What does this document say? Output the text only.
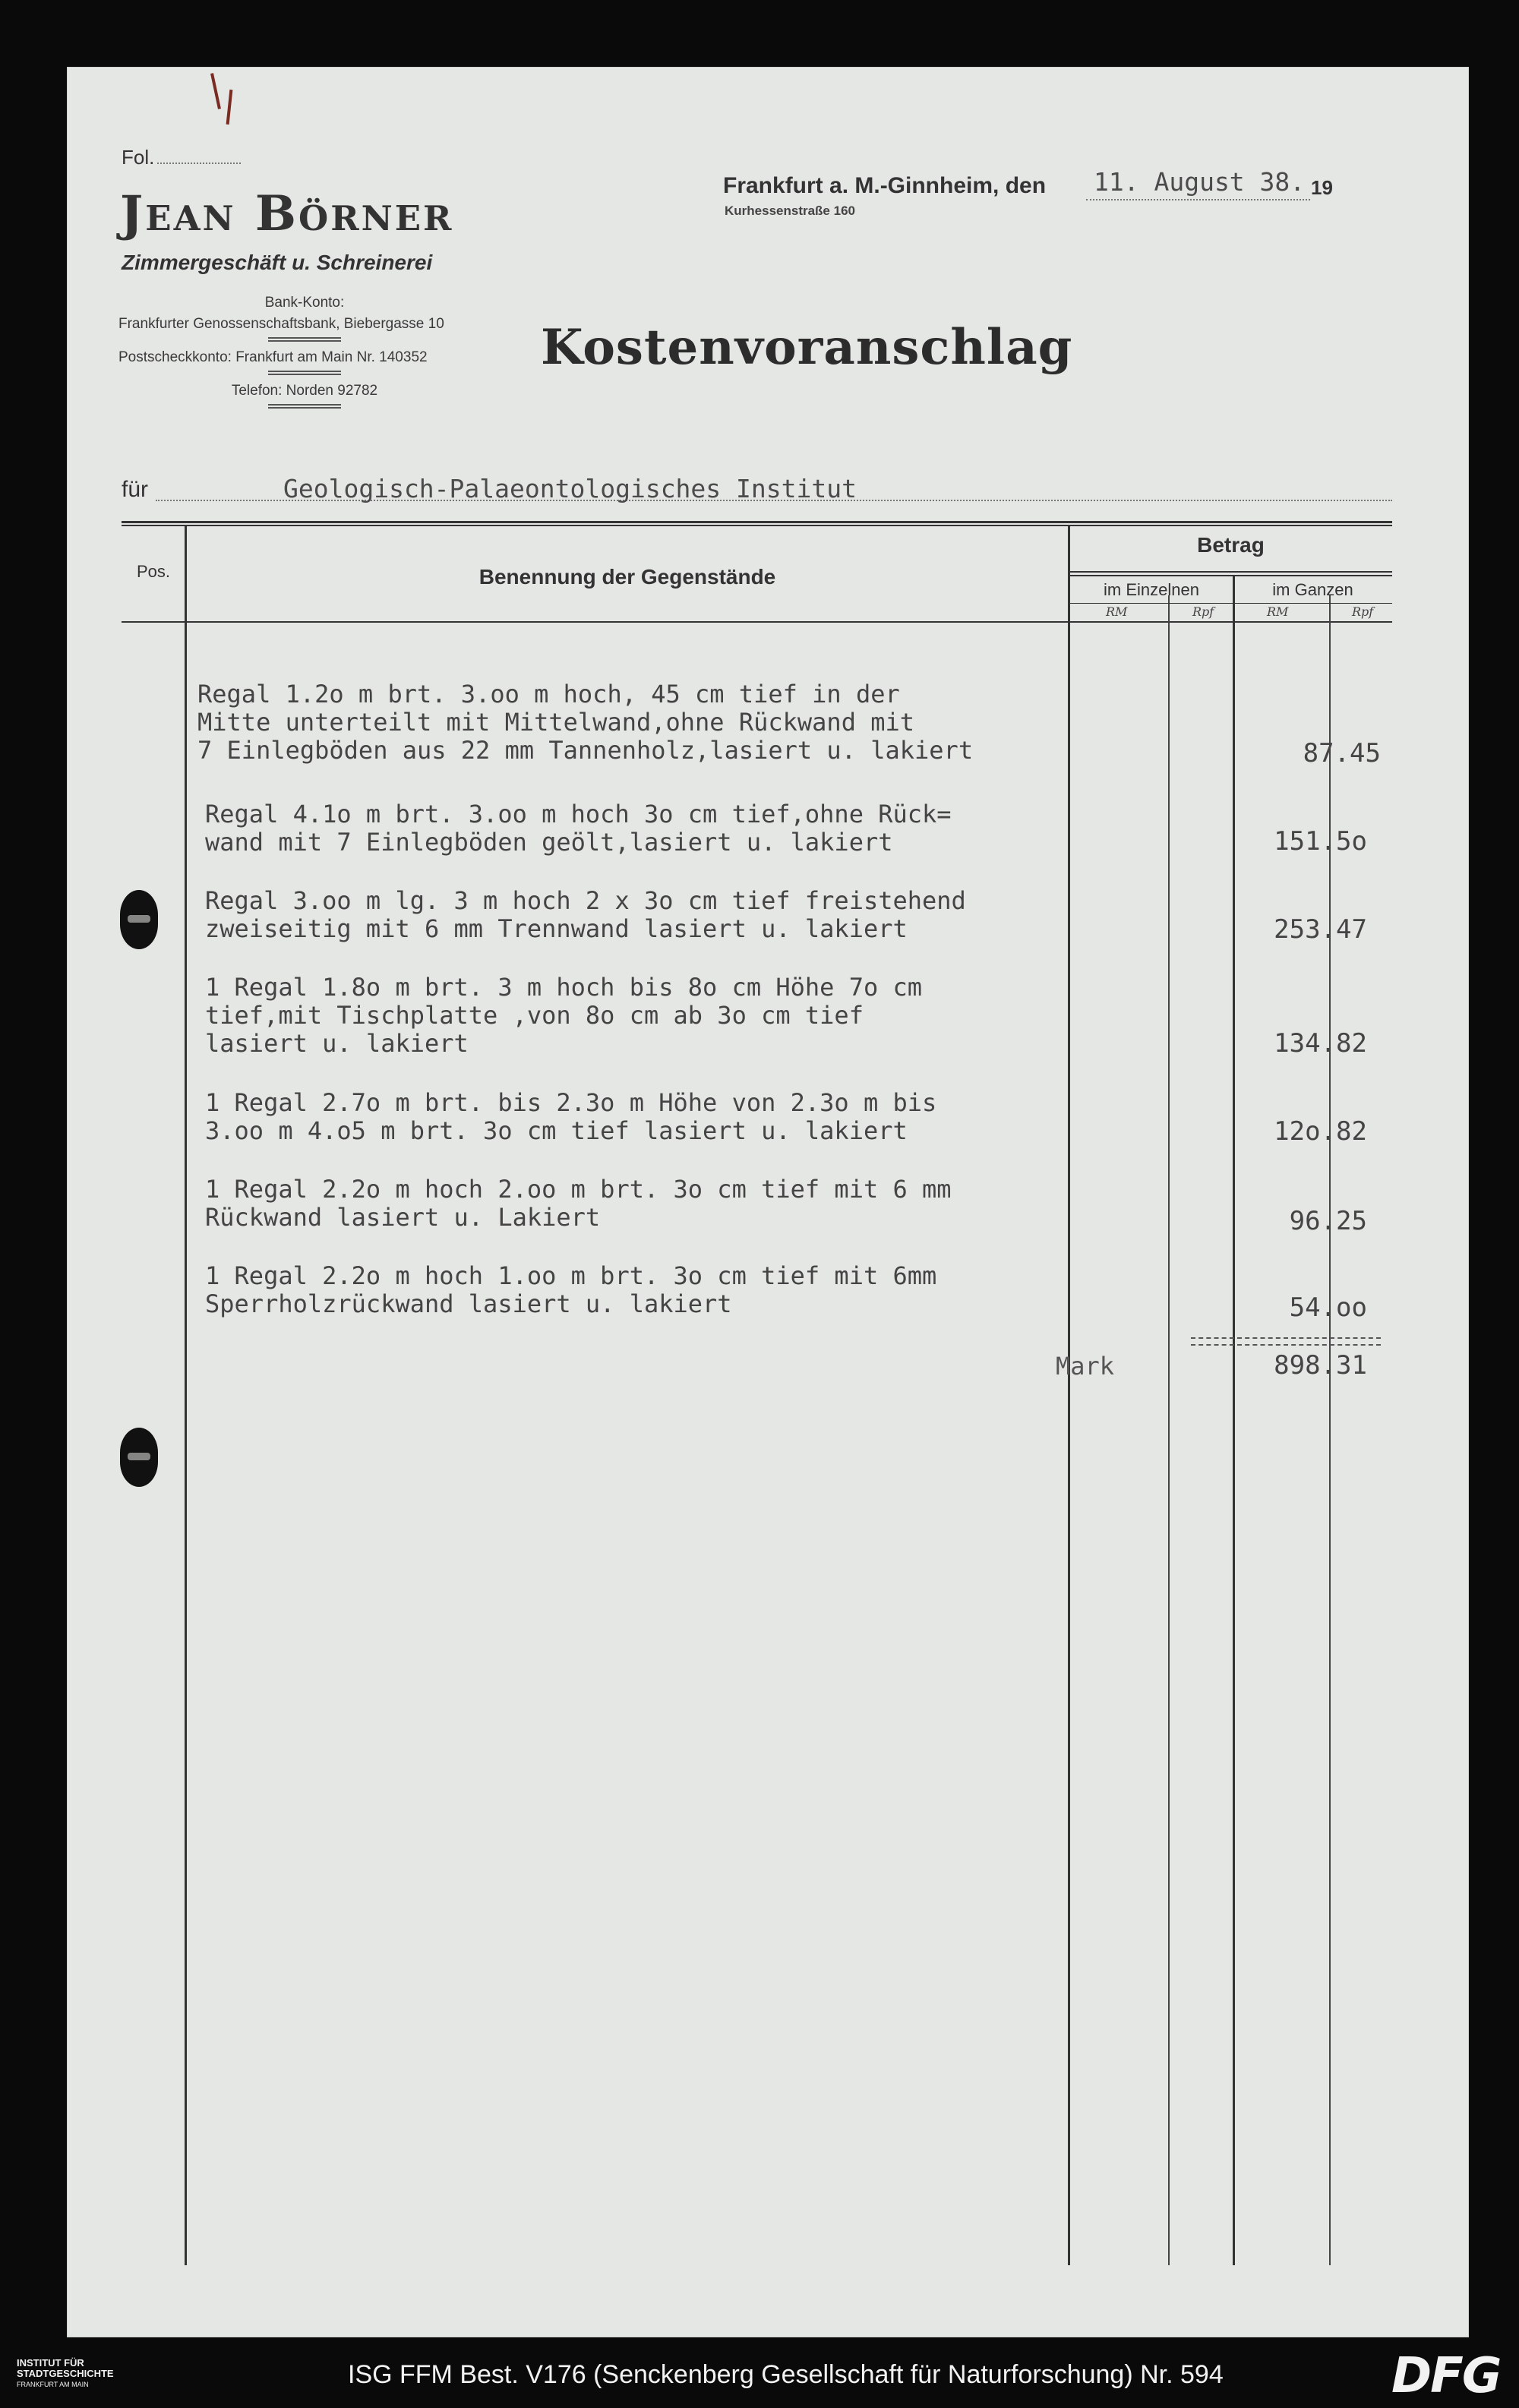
Fol.
Jean Börner
Zimmergeschäft u. Schreinerei
Bank-Konto:
Frankfurter Genossenschaftsbank, Biebergasse 10
Postscheckkonto: Frankfurt am Main Nr. 140352
Telefon: Norden 92782
Frankfurt a. M.-Ginnheim, den
Kurhessenstraße 160
11. August 38. 19
Kostenvoranschlag
für	Geologisch-Palaeontologisches Institut
Pos.	Benennung der Gegenstände
Betrag
im Einzelnen	im Ganzen
RM	Rpf	RM	Rpf
Regal 1.2o m brt. 3.oo m hoch, 45 cm tief in der
Mitte unterteilt mit Mittelwand,ohne Rückwand mit
7 Einlegböden aus 22 mm Tannenholz,lasiert u. lakiert	87.45
Regal 4.1o m brt. 3.oo m hoch 3o cm tief,ohne Rück=
wand mit 7 Einlegböden geölt,lasiert u. lakiert	151.5o
Regal 3.oo m lg. 3 m hoch 2 x 3o cm tief freistehend
zweiseitig mit 6 mm Trennwand lasiert u. lakiert	253.47
1 Regal 1.8o m brt. 3 m hoch bis 8o cm Höhe 7o cm
tief,mit Tischplatte ,von 8o cm ab 3o cm tief
lasiert u. lakiert	134.82
1 Regal 2.7o m brt. bis 2.3o m Höhe von 2.3o m bis
3.oo m 4.o5 m brt. 3o cm tief lasiert u. lakiert	12o.82
1 Regal 2.2o m hoch 2.oo m brt. 3o cm tief mit 6 mm
Rückwand lasiert u. Lakiert	96.25
1 Regal 2.2o m hoch 1.oo m brt. 3o cm tief mit 6mm
Sperrholzrückwand lasiert u. lakiert	54.oo
Mark	898.31
INSTITUT FÜR
STADTGESCHICHTE
FRANKFURT AM MAIN	ISG FFM Best. V176 (Senckenberg Gesellschaft für Naturforschung) Nr. 594	DFG
